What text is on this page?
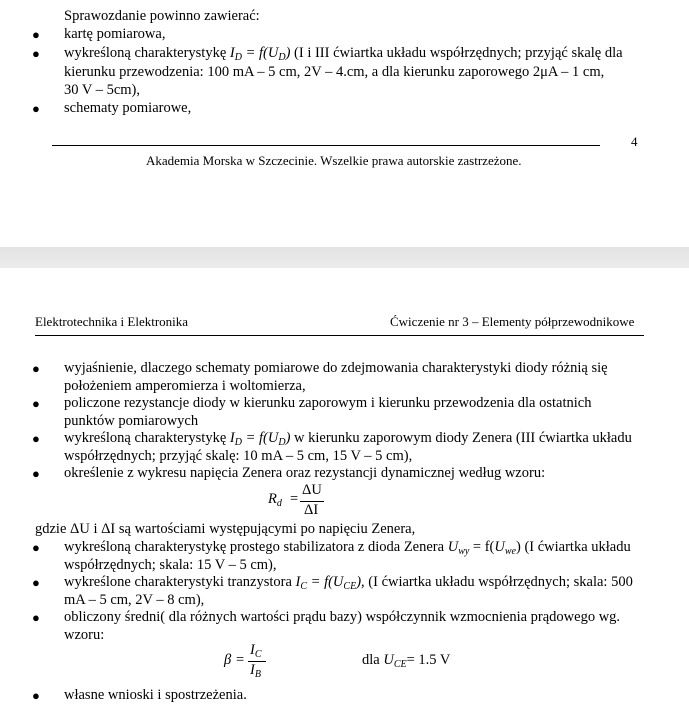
Sprawozdanie powinno zawierać:
● kartę pomiarowa,
● wykreśloną charakterystykę $I_D = f(U_D)$ (I i III ćwiartka układu współrzędnych; przyjąć skalę dla
kierunku przewodzenia: 100 mA – 5 cm, 2V – 4.cm, a dla kierunku zaporowego 2μA – 1 cm,
30 V – 5cm),
● schematy pomiarowe,
4
Akademia Morska w Szczecinie. Wszelkie prawa autorskie zastrzeżone.
Elektrotechnika i Elektronika	Ćwiczenie nr 3 – Elementy półprzewodnikowe
● wyjaśnienie, dlaczego schematy pomiarowe do zdejmowania charakterystyki diody różnią się
położeniem amperomierza i woltomierza,
● policzone rezystancje diody w kierunku zaporowym i kierunku przewodzenia dla ostatnich
punktów pomiarowych
● wykreśloną charakterystykę $I_D = f(U_D)$ w kierunku zaporowym diody Zenera (III ćwiartka układu
współrzędnych; przyjąć skalę: 10 mA – 5 cm, 15 V – 5 cm),
● określenie z wykresu napięcia Zenera oraz rezystancji dynamicznej według wzoru:
$R_d$ =
ΔU
ΔI
gdzie ΔU i ΔI są wartościami występującymi po napięciu Zenera,
● wykreśloną charakterystykę prostego stabilizatora z dioda Zenera $U_{wy} = f(U_{we})$ (I ćwiartka układu
współrzędnych; skala: 15 V – 5 cm),
● wykreślone charakterystyki tranzystora $I_C = f(U_{CE})$, (I ćwiartka układu współrzędnych; skala: 500
mA – 5 cm, 2V – 8 cm),
● obliczony średni( dla różnych wartości prądu bazy) współczynnik wzmocnienia prądowego wg.
wzoru:
β =
$I_C$
$I_B$
dla $U_{CE}= 1.5$ V
● własne wnioski i spostrzeżenia.
